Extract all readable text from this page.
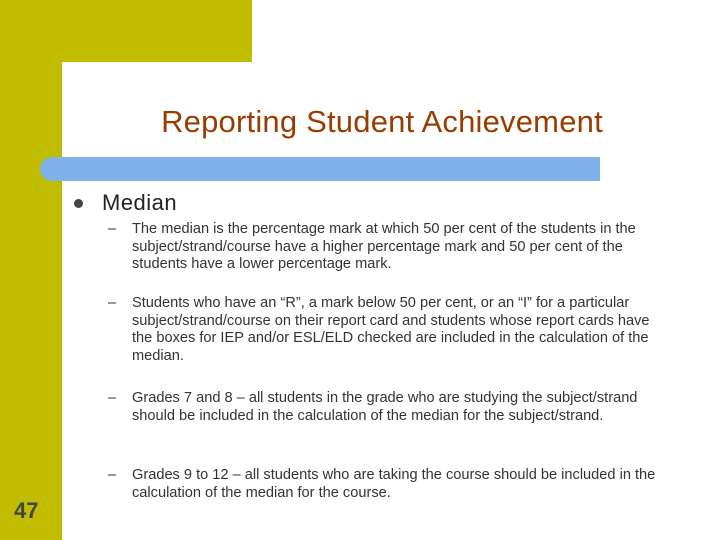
Reporting Student Achievement
Median
– The median is the percentage mark at which 50 per cent of the students in the subject/strand/course have a higher percentage mark and 50 per cent of the students have a lower percentage mark.
– Students who have an “R”, a mark below 50 per cent, or an “I” for a particular subject/strand/course on their report card and students whose report cards have the boxes for IEP and/or ESL/ELD checked are included in the calculation of the median.
– Grades 7 and 8 – all students in the grade who are studying the subject/strand should be included in the calculation of the median for the subject/strand.
– Grades 9 to 12 – all students who are taking the course should be included in the calculation of the median for the course.
47
